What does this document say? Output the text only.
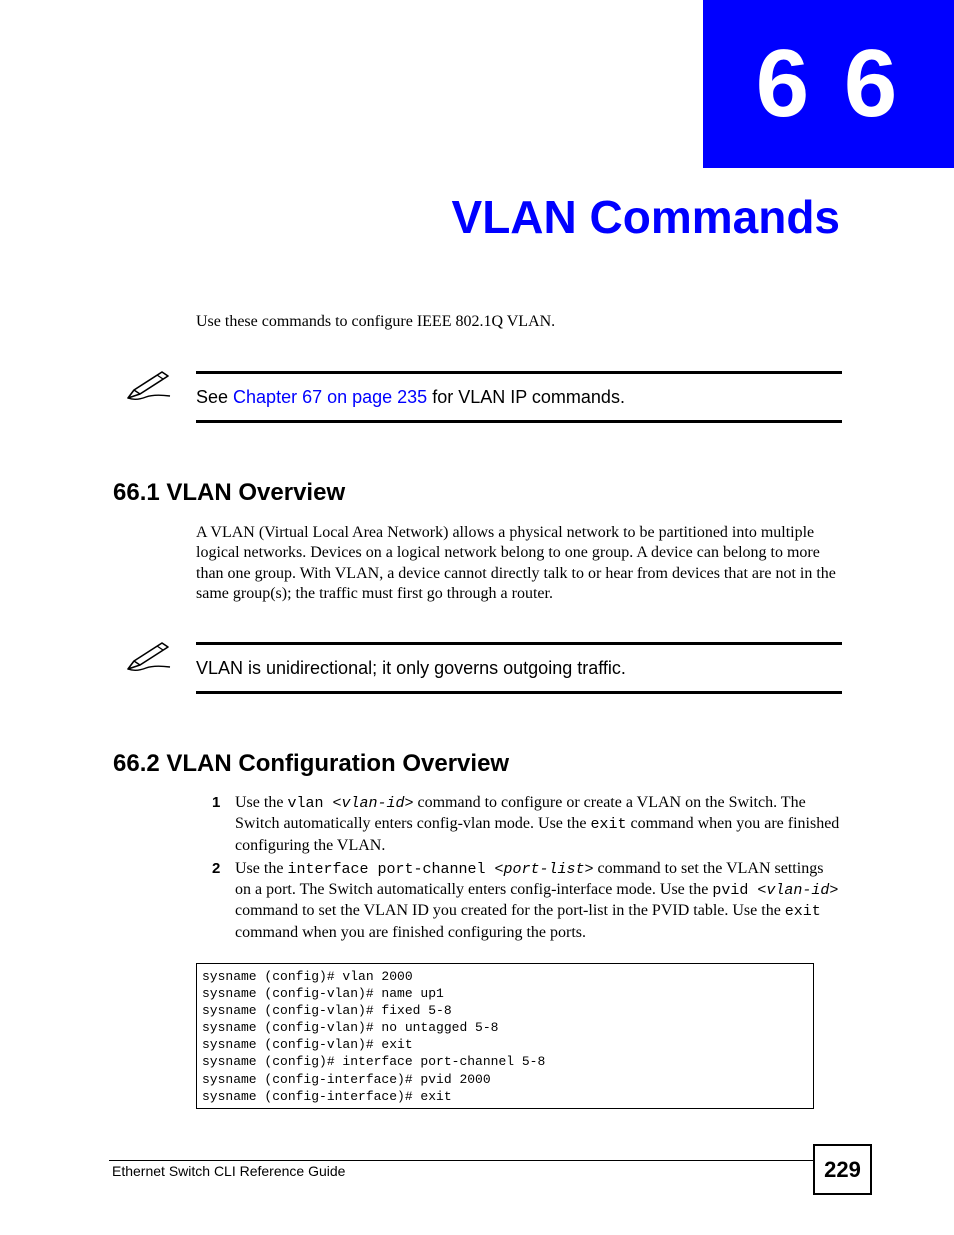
6 6
VLAN Commands

Use these commands to configure IEEE 802.1Q VLAN.

See Chapter 67 on page 235 for VLAN IP commands.
66.1 VLAN Overview

A VLAN (Virtual Local Area Network) allows a physical network to be partitioned into multiple logical networks. Devices on a logical network belong to one group. A device can belong to more than one group. With VLAN, a device cannot directly talk to or hear from devices that are not in the same group(s); the traffic must first go through a router.

VLAN is unidirectional; it only governs outgoing traffic.
66.2 VLAN Configuration Overview
1 Use the vlan <vlan-id> command to configure or create a VLAN on the Switch. The Switch automatically enters config-vlan mode. Use the exit command when you are finished configuring the VLAN.
2 Use the interface port-channel <port-list> command to set the VLAN settings on a port. The Switch automatically enters config-interface mode. Use the pvid <vlan-id> command to set the VLAN ID you created for the port-list in the PVID table. Use the exit command when you are finished configuring the ports.
sysname (config)# vlan 2000
sysname (config-vlan)# name up1
sysname (config-vlan)# fixed 5-8
sysname (config-vlan)# no untagged 5-8
sysname (config-vlan)# exit
sysname (config)# interface port-channel 5-8
sysname (config-interface)# pvid 2000
sysname (config-interface)# exit
Ethernet Switch CLI Reference Guide	229
